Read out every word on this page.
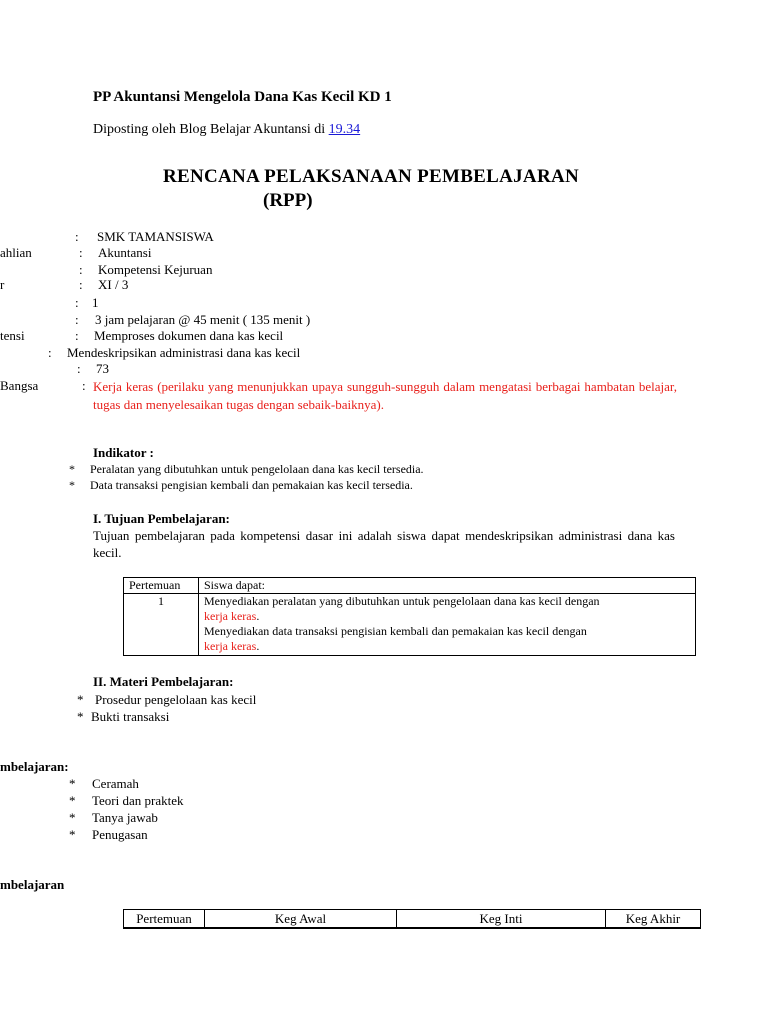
PP Akuntansi Mengelola Dana Kas Kecil KD 1
Diposting oleh Blog Belajar Akuntansi di 19.34
RENCANA PELAKSANAAN PEMBELAJARAN
(RPP)
: SMK TAMANSISWA
ahlian	: Akuntansi
: Kompetensi Kejuruan
r	: XI / 3
: 1
: 3 jam pelajaran @ 45 menit ( 135 menit )
tensi	: Memproses dokumen dana kas kecil
: Mendeskripsikan administrasi dana kas kecil
: 73
Bangsa	: Kerja keras (perilaku yang menunjukkan upaya sungguh-sungguh dalam mengatasi berbagai hambatan belajar, tugas dan menyelesaikan tugas dengan sebaik-baiknya).
Indikator :
* Peralatan yang dibutuhkan untuk pengelolaan dana kas kecil tersedia.
* Data transaksi pengisian kembali dan pemakaian kas kecil tersedia.
I. Tujuan Pembelajaran:
Tujuan pembelajaran pada kompetensi dasar ini adalah siswa dapat mendeskripsikan administrasi dana kas kecil.
Pertemuan	Siswa dapat:
1	Menyediakan peralatan yang dibutuhkan untuk pengelolaan dana kas kecil dengan
kerja keras.
Menyediakan data transaksi pengisian kembali dan pemakaian kas kecil dengan
kerja keras.
II. Materi Pembelajaran:
* Prosedur pengelolaan kas kecil
* Bukti transaksi
mbelajaran:
* Ceramah
* Teori dan praktek
* Tanya jawab
* Penugasan
mbelajaran
Pertemuan	Keg Awal	Keg Inti	Keg Akhir
